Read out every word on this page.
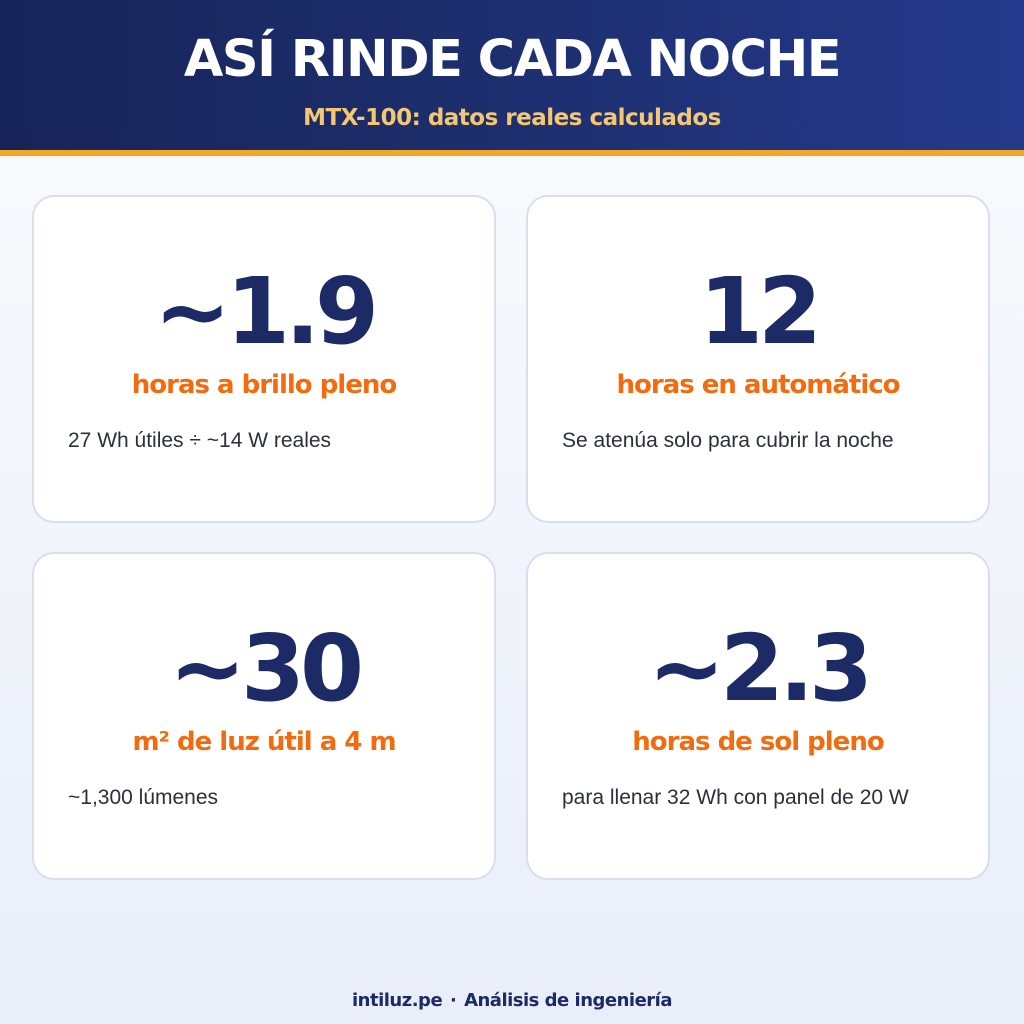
ASÍ RINDE CADA NOCHE
MTX-100: datos reales calculados
~1.9
horas a brillo pleno
27 Wh útiles ÷ ~14 W reales
12
horas en automático
Se atenúa solo para cubrir la noche
~30
m² de luz útil a 4 m
~1,300 lúmenes
~2.3
horas de sol pleno
para llenar 32 Wh con panel de 20 W
intiluz.pe · Análisis de ingeniería
